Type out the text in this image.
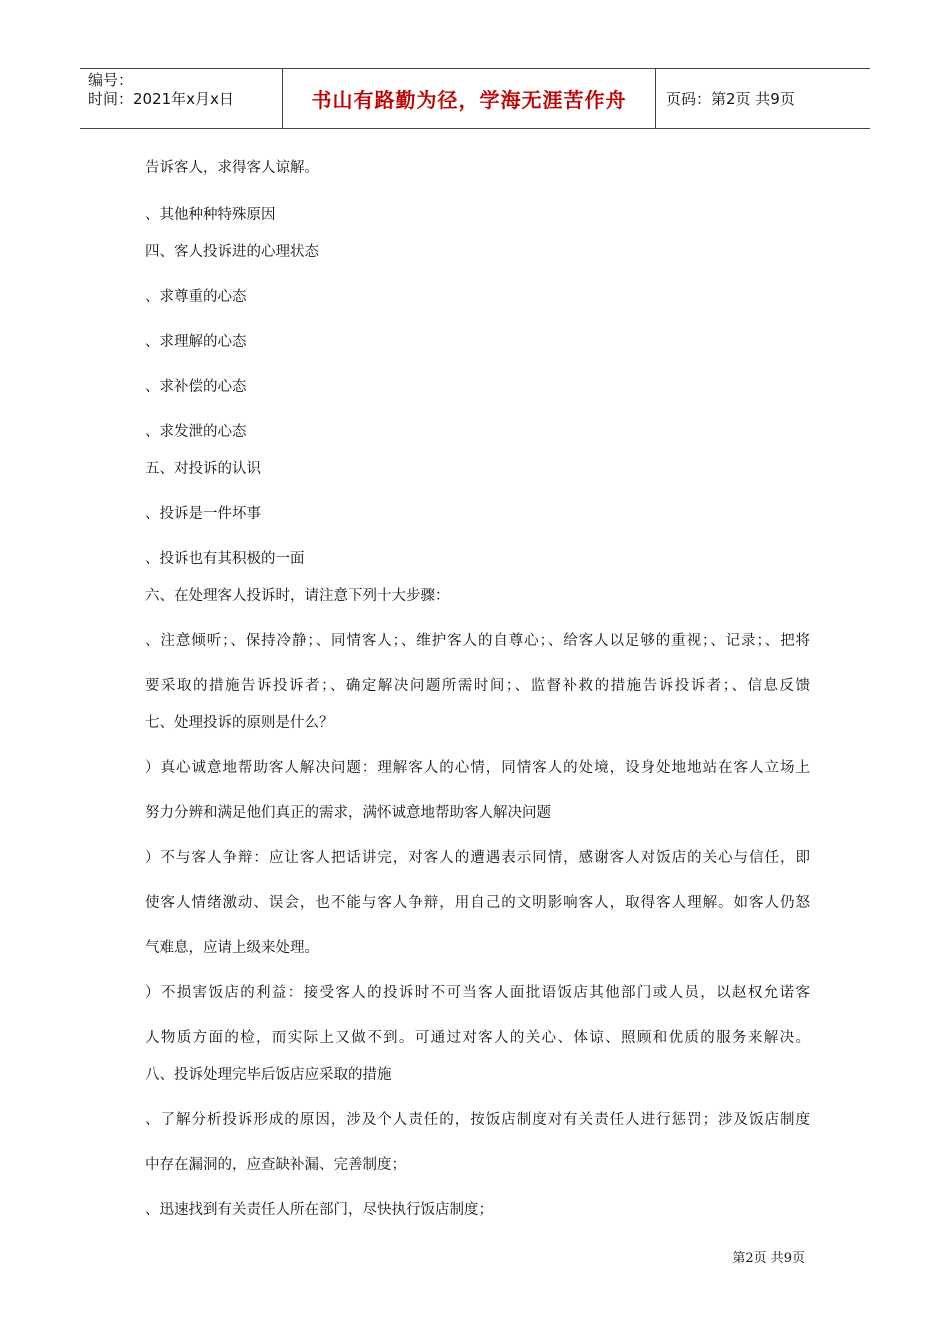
编号：
时间：2021年x月x日	书山有路勤为径，学海无涯苦作舟	页码：第2页 共9页
告诉客人，求得客人谅解。
、其他种种特殊原因
四、客人投诉进的心理状态
、求尊重的心态
、求理解的心态
、求补偿的心态
、求发泄的心态
五、对投诉的认识
、投诉是一件坏事
、投诉也有其积极的一面
六、在处理客人投诉时，请注意下列十大步骤：
、注意倾听；、保持冷静；、同情客人；、维护客人的自尊心；、给客人以足够的重视；、记录；、把将
要采取的措施告诉投诉者；、确定解决问题所需时间；、监督补救的措施告诉投诉者；、信息反馈
七、处理投诉的原则是什么？
）真心诚意地帮助客人解决问题：理解客人的心情，同情客人的处境，设身处地地站在客人立场上
努力分辨和满足他们真正的需求，满怀诚意地帮助客人解决问题
）不与客人争辩：应让客人把话讲完，对客人的遭遇表示同情，感谢客人对饭店的关心与信任，即
使客人情绪激动、误会，也不能与客人争辩，用自己的文明影响客人，取得客人理解。如客人仍怒
气难息，应请上级来处理。
）不损害饭店的利益：接受客人的投诉时不可当客人面批语饭店其他部门或人员，以赵权允诺客
人物质方面的检，而实际上又做不到。可通过对客人的关心、体谅、照顾和优质的服务来解决。
八、投诉处理完毕后饭店应采取的措施
、了解分析投诉形成的原因，涉及个人责任的，按饭店制度对有关责任人进行惩罚；涉及饭店制度
中存在漏洞的，应查缺补漏、完善制度；
、迅速找到有关责任人所在部门，尽快执行饭店制度；
第2页 共9页
